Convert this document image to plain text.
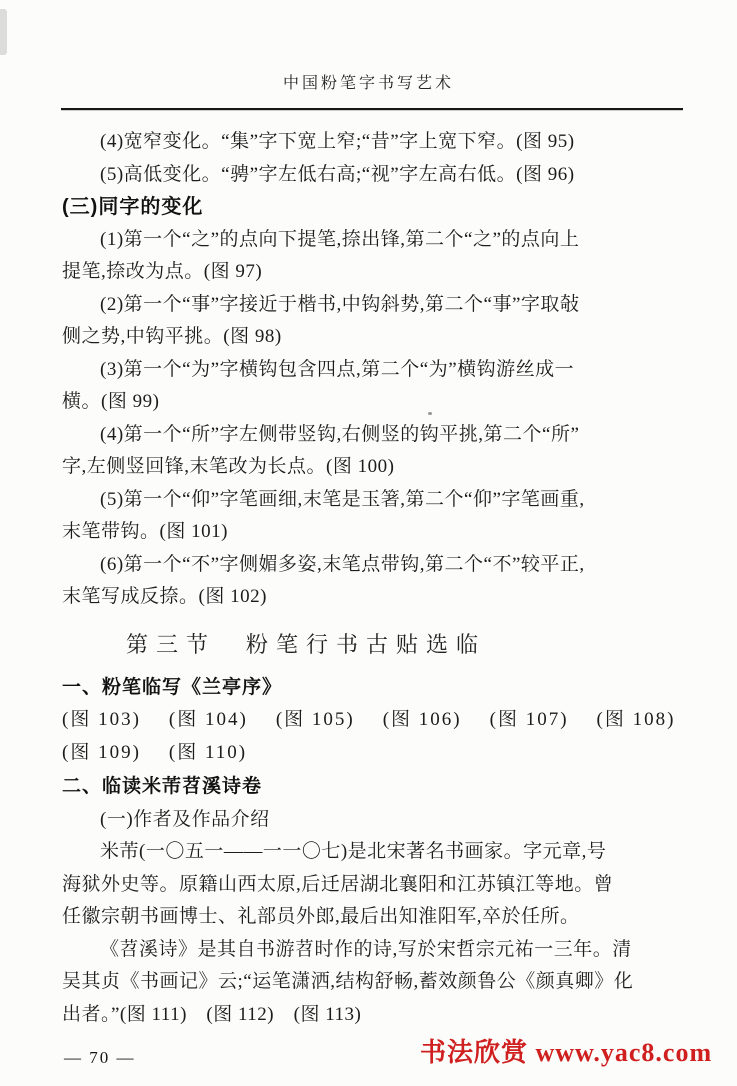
中国粉笔字书写艺术
(4)宽窄变化。“集”字下宽上窄;“昔”字上宽下窄。(图 95)
(5)高低变化。“骋”字左低右高;“视”字左高右低。(图 96)
(三)同字的变化
(1)第一个“之”的点向下提笔,捺出锋,第二个“之”的点向上
提笔,捺改为点。(图 97)
(2)第一个“事”字接近于楷书,中钩斜势,第二个“事”字取敧
侧之势,中钩平挑。(图 98)
(3)第一个“为”字横钩包含四点,第二个“为”横钩游丝成一
横。(图 99)
(4)第一个“所”字左侧带竖钩,右侧竖的钩平挑,第二个“所”
字,左侧竖回锋,末笔改为长点。(图 100)
(5)第一个“仰”字笔画细,末笔是玉箸,第二个“仰”字笔画重,
末笔带钩。(图 101)
(6)第一个“不”字侧媚多姿,末笔点带钩,第二个“不”较平正,
末笔写成反捺。(图 102)
第三节　粉笔行书古贴选临
一、粉笔临写《兰亭序》
(图 103) (图 104) (图 105) (图 106) (图 107) (图 108)
(图 109) (图 110)
二、临读米芾苕溪诗卷
(一)作者及作品介绍
米芾(一〇五一——一一〇七)是北宋著名书画家。字元章,号
海狱外史等。原籍山西太原,后迁居湖北襄阳和江苏镇江等地。曾
任徽宗朝书画博士、礼部员外郎,最后出知淮阳军,卒於任所。
《苕溪诗》是其自书游苕时作的诗,写於宋哲宗元祐一三年。清
吴其贞《书画记》云;“运笔潇洒,结构舒畅,蓄效颜鲁公《颜真卿》化
出者。”(图 111)　(图 112)　(图 113)
— 70 —	书法欣赏 www.yac8.com
